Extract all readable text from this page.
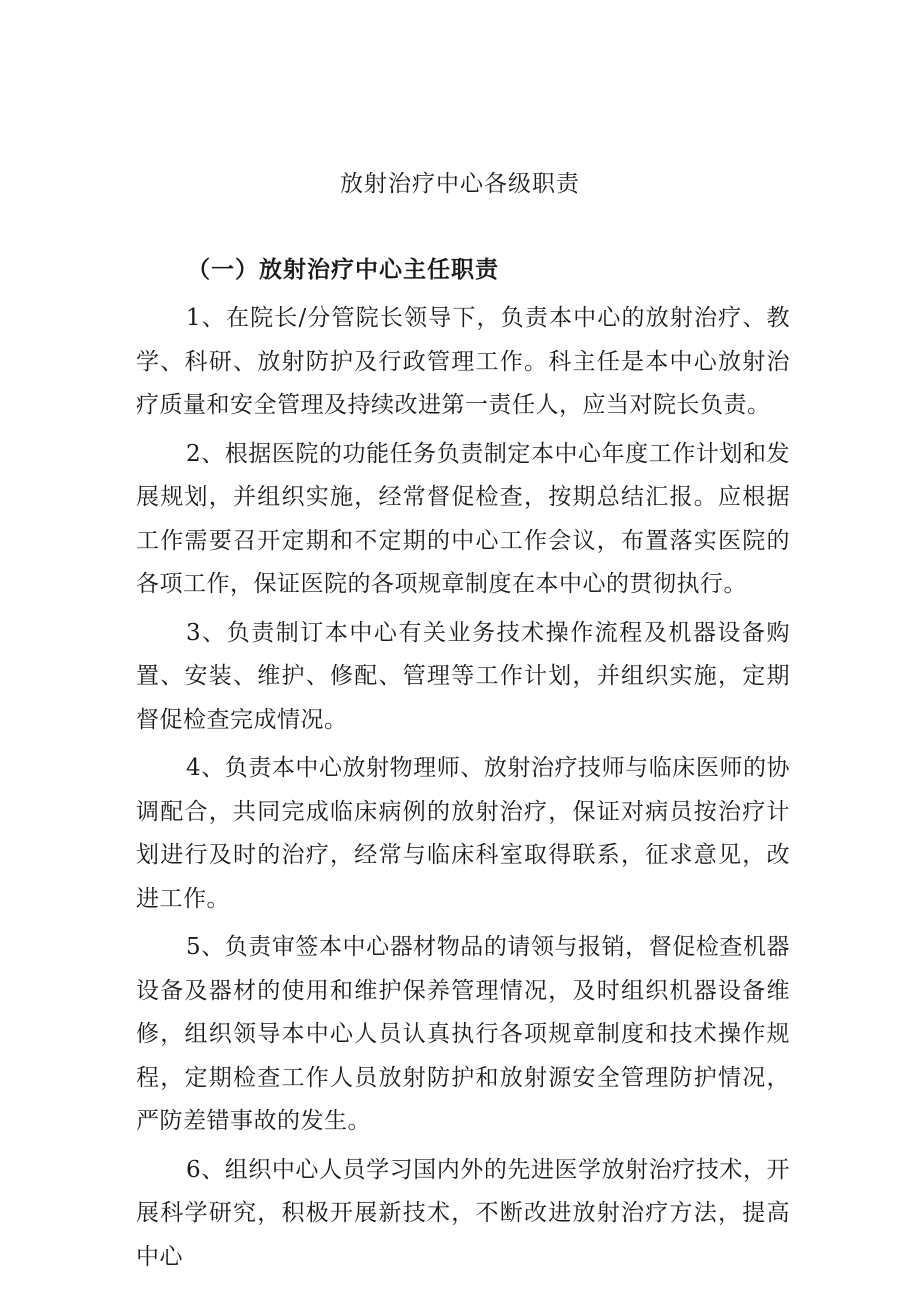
放射治疗中心各级职责
（一）放射治疗中心主任职责

1、在院长/分管院长领导下，负责本中心的放射治疗、教学、科研、放射防护及行政管理工作。科主任是本中心放射治疗质量和安全管理及持续改进第一责任人，应当对院长负责。

2、根据医院的功能任务负责制定本中心年度工作计划和发展规划，并组织实施，经常督促检查，按期总结汇报。应根据工作需要召开定期和不定期的中心工作会议，布置落实医院的各项工作，保证医院的各项规章制度在本中心的贯彻执行。

3、负责制订本中心有关业务技术操作流程及机器设备购置、安装、维护、修配、管理等工作计划，并组织实施，定期督促检查完成情况。

4、负责本中心放射物理师、放射治疗技师与临床医师的协调配合，共同完成临床病例的放射治疗，保证对病员按治疗计划进行及时的治疗，经常与临床科室取得联系，征求意见，改进工作。

5、负责审签本中心器材物品的请领与报销，督促检查机器设备及器材的使用和维护保养管理情况，及时组织机器设备维修，组织领导本中心人员认真执行各项规章制度和技术操作规程，定期检查工作人员放射防护和放射源安全管理防护情况，严防差错事故的发生。

6、组织中心人员学习国内外的先进医学放射治疗技术，开展科学研究，积极开展新技术，不断改进放射治疗方法，提高中心
